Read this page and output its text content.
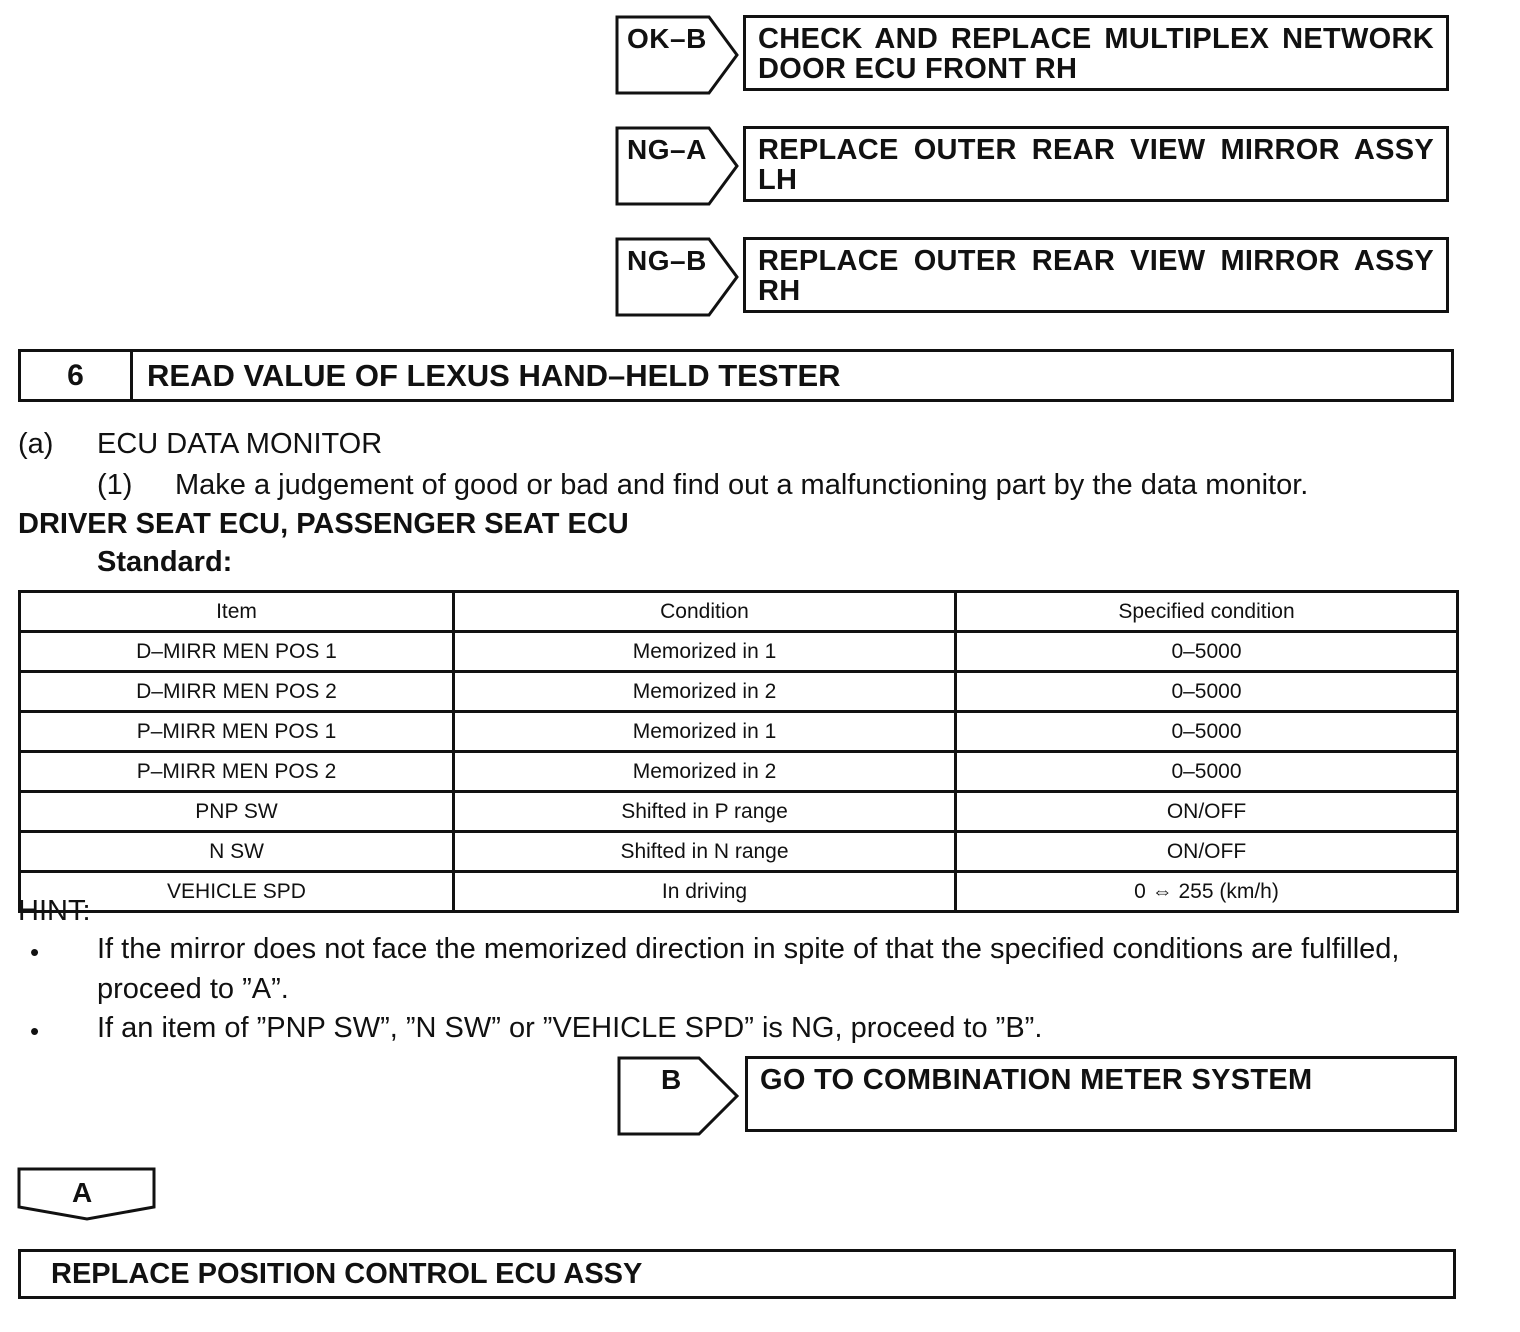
OK–B	CHECK AND REPLACE MULTIPLEX NETWORK DOOR ECU FRONT RH
NG–A	REPLACE OUTER REAR VIEW MIRROR ASSY LH
NG–B	REPLACE OUTER REAR VIEW MIRROR ASSY RH
6	READ VALUE OF LEXUS HAND–HELD TESTER
(a) ECU DATA MONITOR
(1) Make a judgement of good or bad and find out a malfunctioning part by the data monitor.
DRIVER SEAT ECU, PASSENGER SEAT ECU
Standard:
Item	Condition	Specified condition
D–MIRR MEN POS 1	Memorized in 1	0–5000
D–MIRR MEN POS 2	Memorized in 2	0–5000
P–MIRR MEN POS 1	Memorized in 1	0–5000
P–MIRR MEN POS 2	Memorized in 2	0–5000
PNP SW	Shifted in P range	ON/OFF
N SW	Shifted in N range	ON/OFF
VEHICLE SPD	In driving	0 ⇔ 255 (km/h)
HINT:
• If the mirror does not face the memorized direction in spite of that the specified conditions are fulfilled,
proceed to ”A”.
• If an item of ”PNP SW”, ”N SW” or ”VEHICLE SPD” is NG, proceed to ”B”.
B	GO TO COMBINATION METER SYSTEM
A
REPLACE POSITION CONTROL ECU ASSY
